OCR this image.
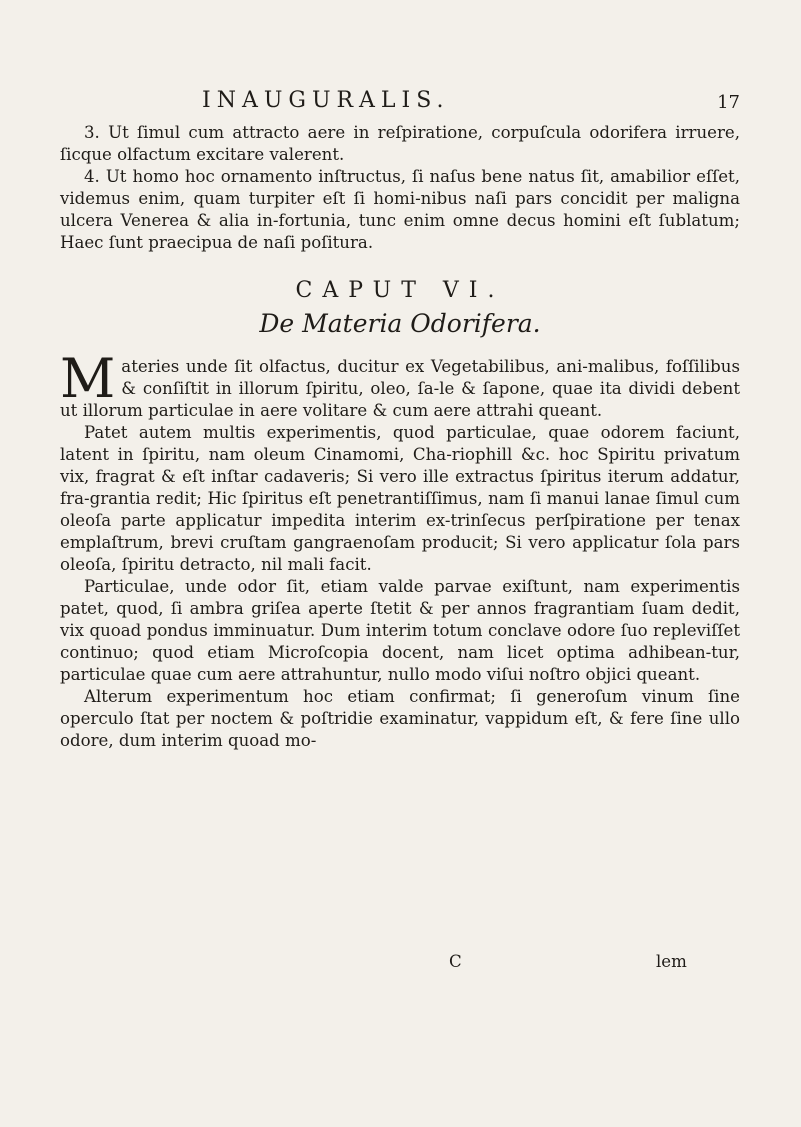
INAUGURALIS.	17

3. Ut ſimul cum attracto aere in reſpiratione, corpuſcula odorifera irruere, ſicque olfactum excitare valerent.

4. Ut homo hoc ornamento inſtructus, ſi naſus bene natus ſit, amabilior eſſet, videmus enim, quam turpiter eſt ſi homi-nibus naſi pars concidit per maligna ulcera Venerea & alia in-fortunia, tunc enim omne decus homini eſt ſublatum; Haec ſunt praecipua de naſi poſitura.

CAPUT VI.
De Materia Odorifera.

Materies unde ſit olfactus, ducitur ex Vegetabilibus, ani-malibus, foſſilibus & conſiſtit in illorum ſpiritu, oleo, ſa-le & ſapone, quae ita dividi debent ut illorum particulae in aere volitare & cum aere attrahi queant.

Patet autem multis experimentis, quod particulae, quae odorem faciunt, latent in ſpiritu, nam oleum Cinamomi, Cha-riophill &c. hoc Spiritu privatum vix, fragrat & eſt inſtar cadaveris; Si vero ille extractus ſpiritus iterum addatur, fra-grantia redit; Hic ſpiritus eſt penetrantiſſimus, nam ſi manui lanae ſimul cum oleoſa parte applicatur impedita interim ex-trinſecus perſpiratione per tenax emplaſtrum, brevi cruſtam gangraenoſam producit; Si vero applicatur ſola pars oleoſa, ſpiritu detracto, nil mali facit.

Particulae, unde odor ſit, etiam valde parvae exiſtunt, nam experimentis patet, quod, ſi ambra griſea aperte ſtetit & per annos fragrantiam ſuam dedit, vix quoad pondus imminuatur. Dum interim totum conclave odore ſuo repleviſſet continuo; quod etiam Microſcopia docent, nam licet optima adhibean-tur, particulae quae cum aere attrahuntur, nullo modo viſui noſtro objici queant.

Alterum experimentum hoc etiam confirmat; ſi generoſum vinum ſine operculo ſtat per noctem & poſtridie examinatur, vappidum eſt, & fere ſine ullo odore, dum interim quoad mo-

C	lem
